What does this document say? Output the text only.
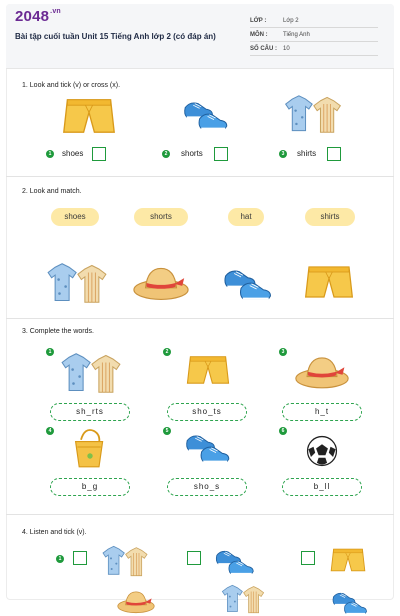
$2048^{.vn}$
Bài tập cuối tuần Unit 15 Tiếng Anh lớp 2 (có đáp án)
LỚP :	Lớp 2
MÔN :	Tiếng Anh
SỐ CÂU : 10
1. Look and tick (v) or cross (x).
1	shoes	2	shorts	3	shirts
2. Look and match.
shoes	shorts	hat	shirts
3. Complete the words.
1	2	3
sh_rts	sho_ts	h_t
4	5	6
b_g	sho_s	b_ll
4. Listen and tick (v).
1
